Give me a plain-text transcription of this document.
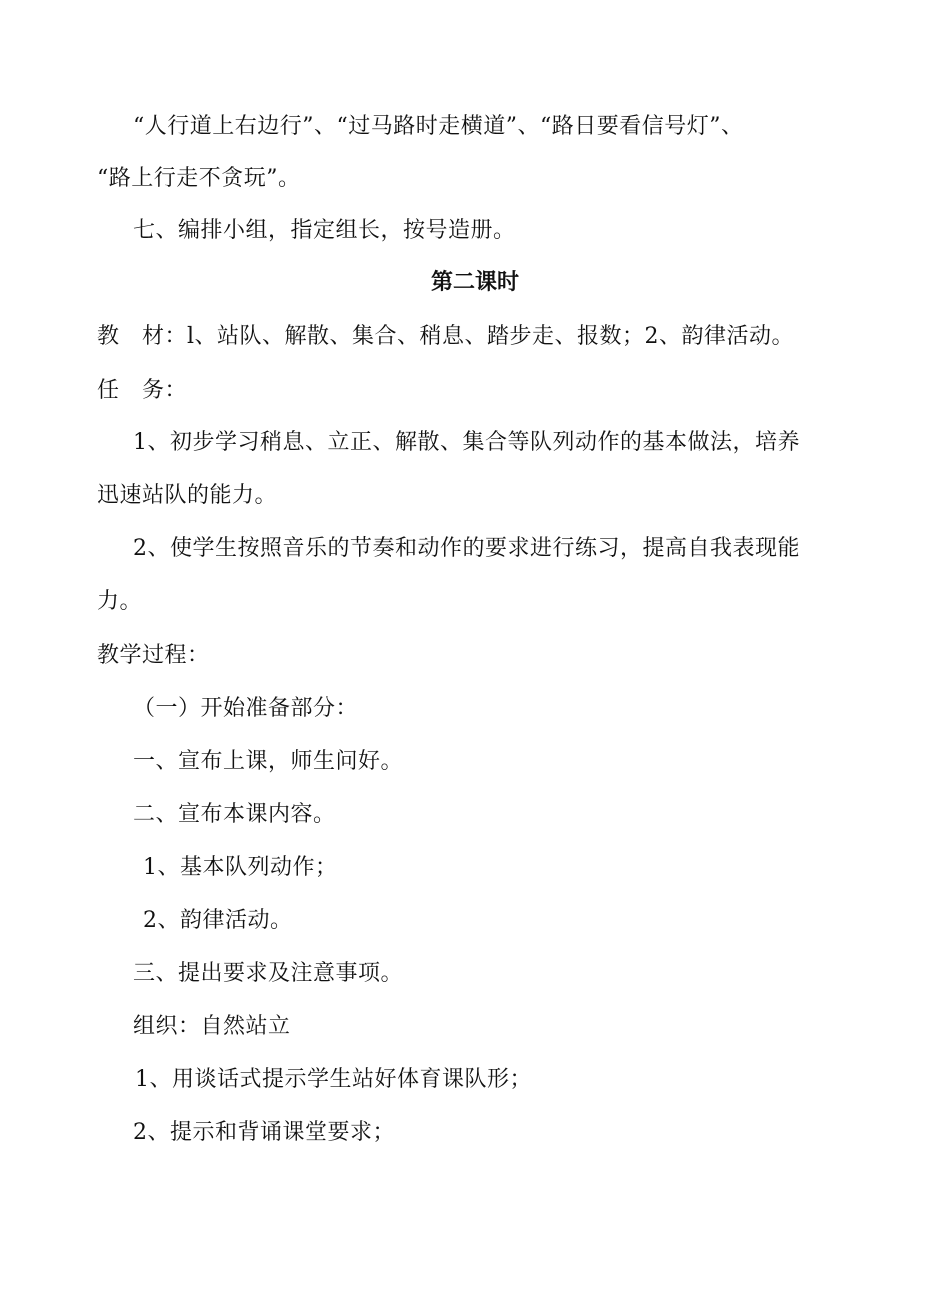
“人行道上右边行”、“过马路时走横道”、“路日要看信号灯”、
“路上行走不贪玩”。
七、编排小组，指定组长，按号造册。
第二课时
教　材：l、站队、解散、集合、稍息、踏步走、报数；2、韵律活动。
任　务：
1、初步学习稍息、立正、解散、集合等队列动作的基本做法，培养
迅速站队的能力。
2、使学生按照音乐的节奏和动作的要求进行练习，提高自我表现能
力。
教学过程：
（一）开始准备部分：
一、宣布上课，师生问好。
二、宣布本课内容。
1、基本队列动作；
2、韵律活动。
三、提出要求及注意事项。
组织：自然站立
1、用谈话式提示学生站好体育课队形；
2、提示和背诵课堂要求；
